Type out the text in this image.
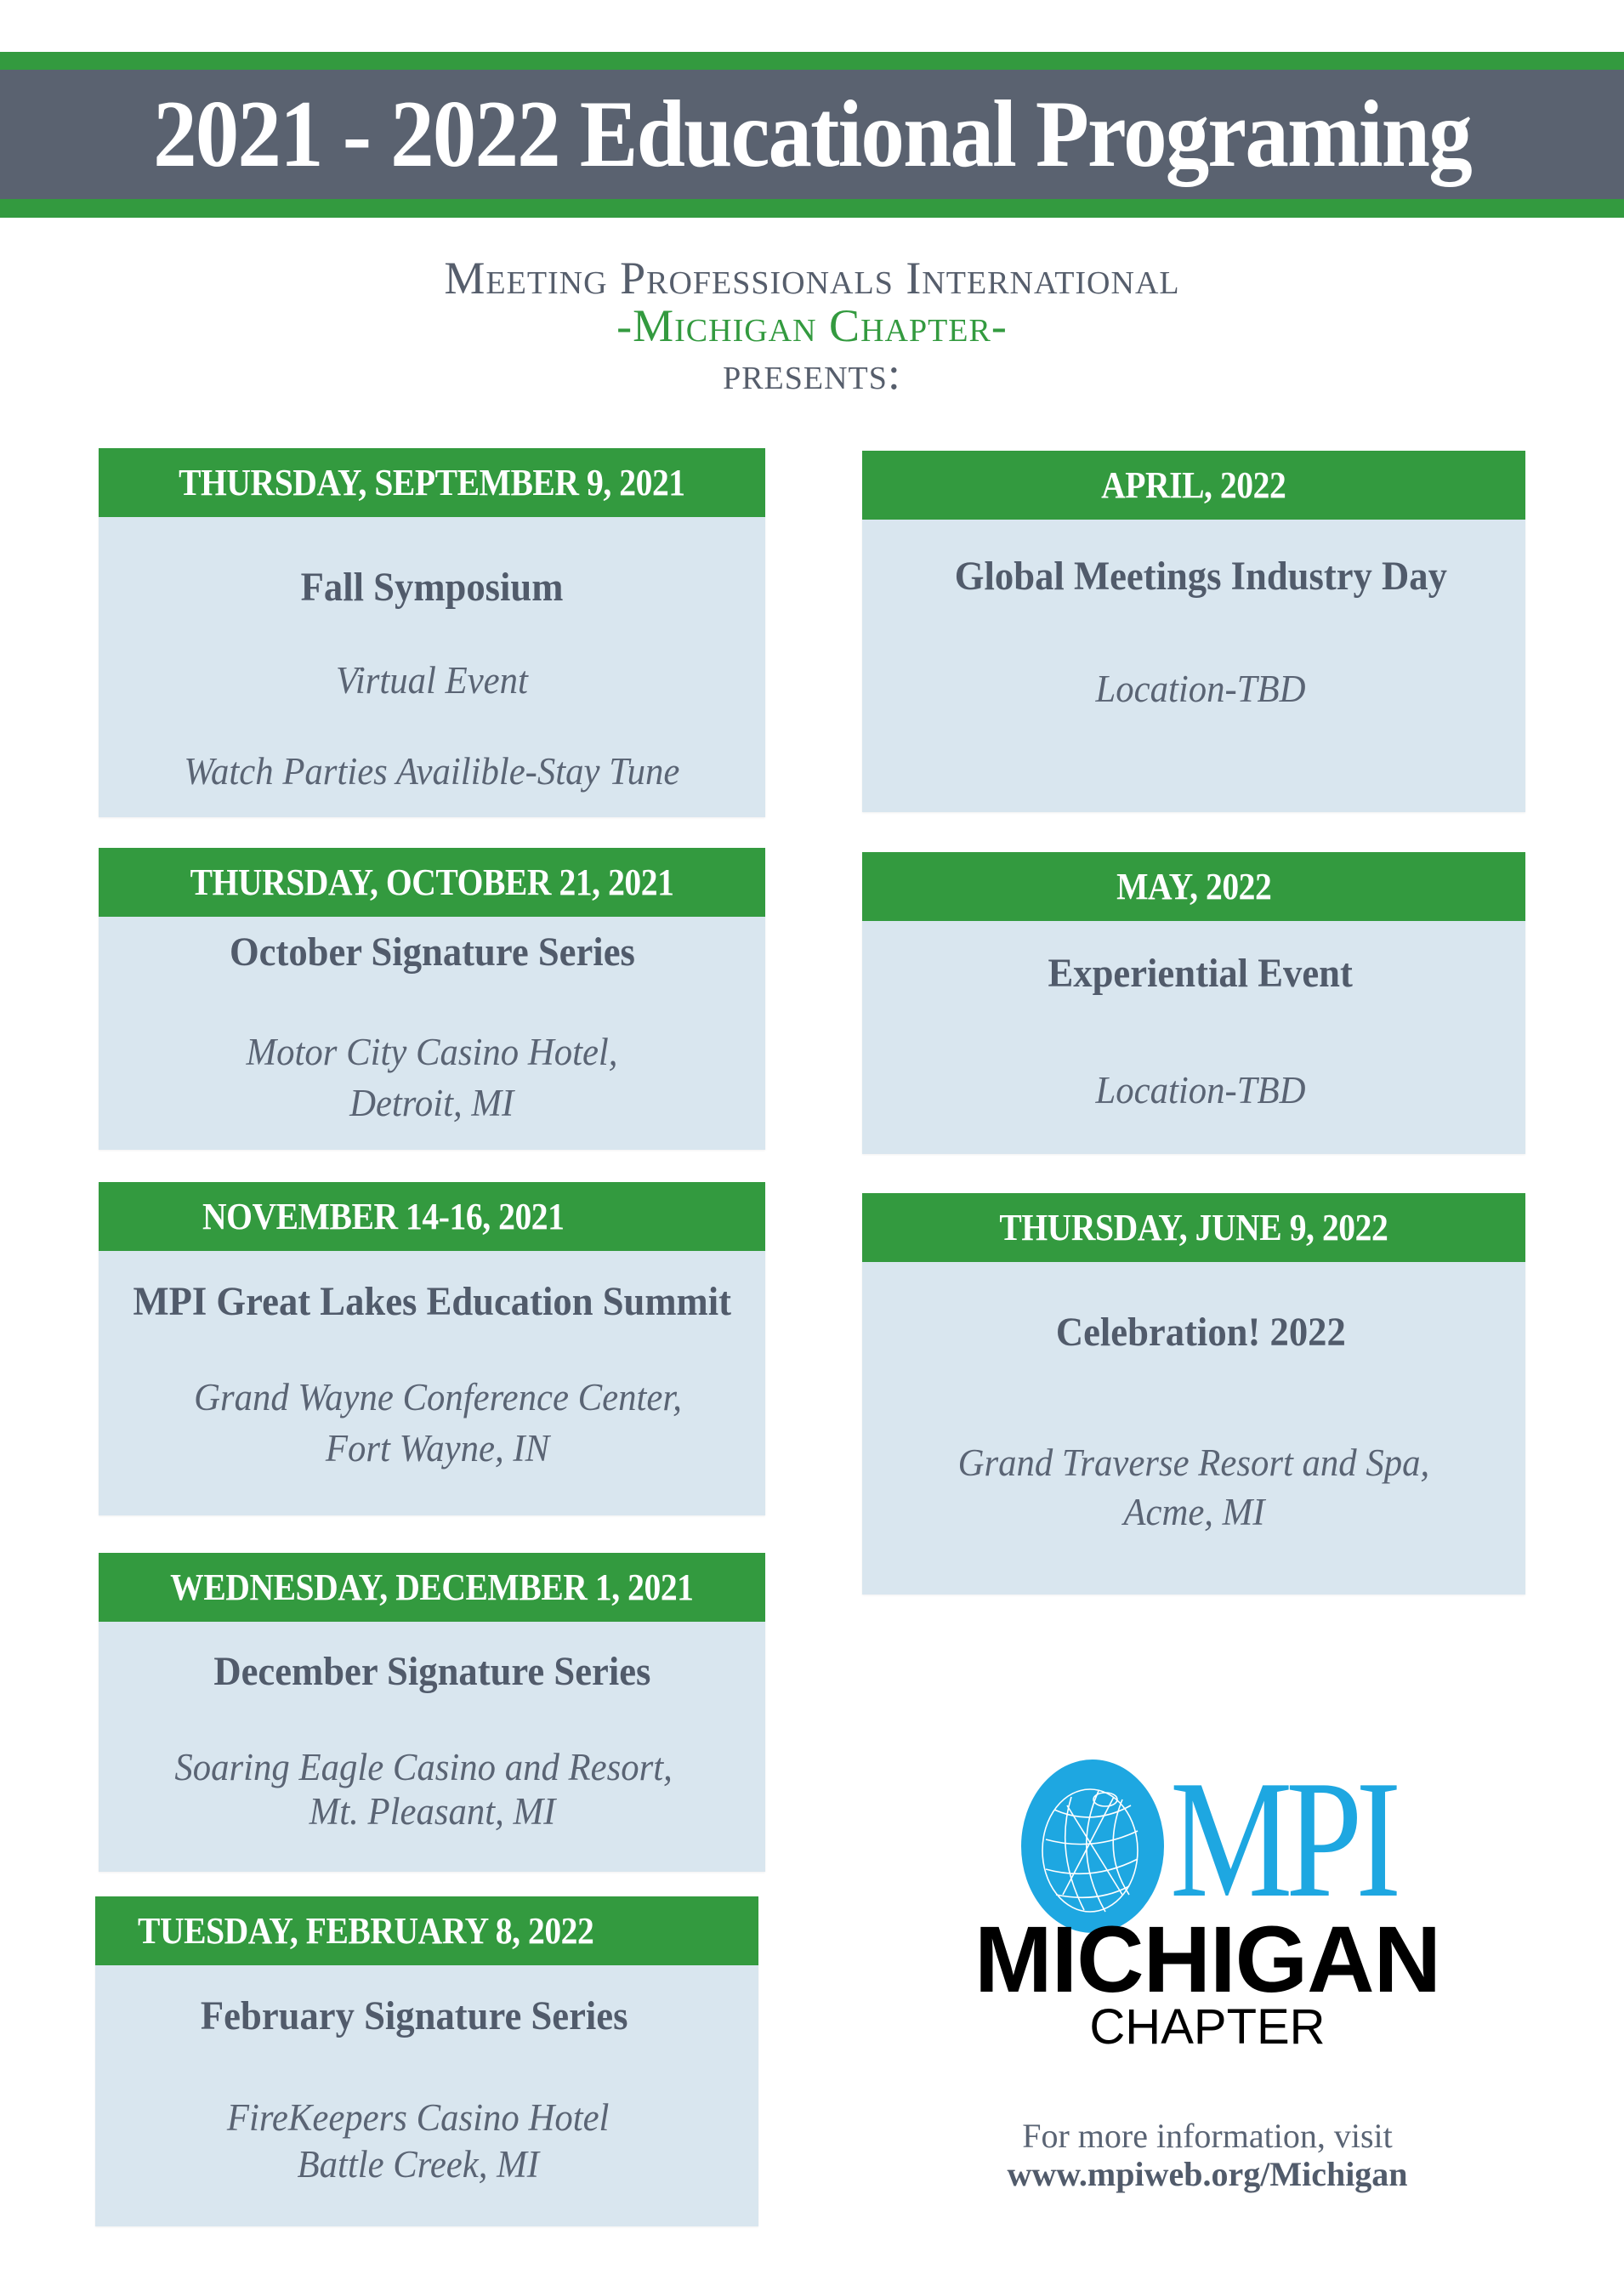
2021 - 2022 Educational Programing
Meeting Professionals International
-Michigan Chapter-
presents:
THURSDAY, SEPTEMBER 9, 2021
Fall Symposium
Virtual Event
Watch Parties Availible-Stay Tune
THURSDAY, OCTOBER 21, 2021
October Signature Series
Motor City Casino Hotel,
Detroit, MI
NOVEMBER 14-16, 2021
MPI Great Lakes Education Summit
Grand Wayne Conference Center,
Fort Wayne, IN
WEDNESDAY, DECEMBER 1, 2021
December Signature Series
Soaring Eagle Casino and Resort,
Mt. Pleasant, MI
TUESDAY, FEBRUARY 8, 2022
February Signature Series
FireKeepers Casino Hotel
Battle Creek, MI
APRIL, 2022
Global Meetings Industry Day
Location-TBD
MAY, 2022
Experiential Event
Location-TBD
THURSDAY, JUNE 9, 2022
Celebration! 2022
Grand Traverse Resort and Spa,
Acme, MI
MPI
MICHIGAN
CHAPTER
For more information, visit
www.mpiweb.org/Michigan
